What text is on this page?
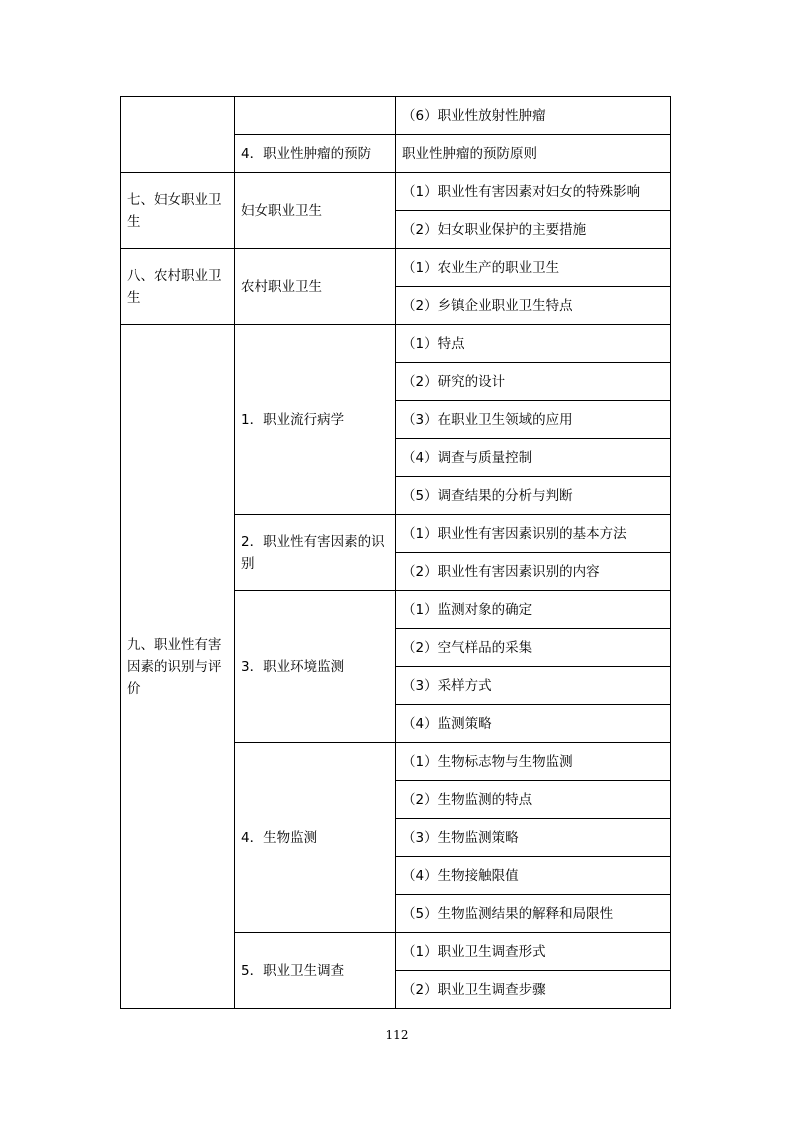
		（6）职业性放射性肿瘤
	4．职业性肿瘤的预防	职业性肿瘤的预防原则
七、妇女职业卫生	妇女职业卫生	（1）职业性有害因素对妇女的特殊影响
		（2）妇女职业保护的主要措施
八、农村职业卫生	农村职业卫生	（1）农业生产的职业卫生
		（2）乡镇企业职业卫生特点
九、职业性有害因素的识别与评价	1．职业流行病学	（1）特点
		（2）研究的设计
		（3）在职业卫生领域的应用
		（4）调查与质量控制
		（5）调查结果的分析与判断
	2．职业性有害因素的识别	（1）职业性有害因素识别的基本方法
		（2）职业性有害因素识别的内容
	3．职业环境监测	（1）监测对象的确定
		（2）空气样品的采集
		（3）采样方式
		（4）监测策略
	4．生物监测	（1）生物标志物与生物监测
		（2）生物监测的特点
		（3）生物监测策略
		（4）生物接触限值
		（5）生物监测结果的解释和局限性
	5．职业卫生调查	（1）职业卫生调查形式
		（2）职业卫生调查步骤
112
